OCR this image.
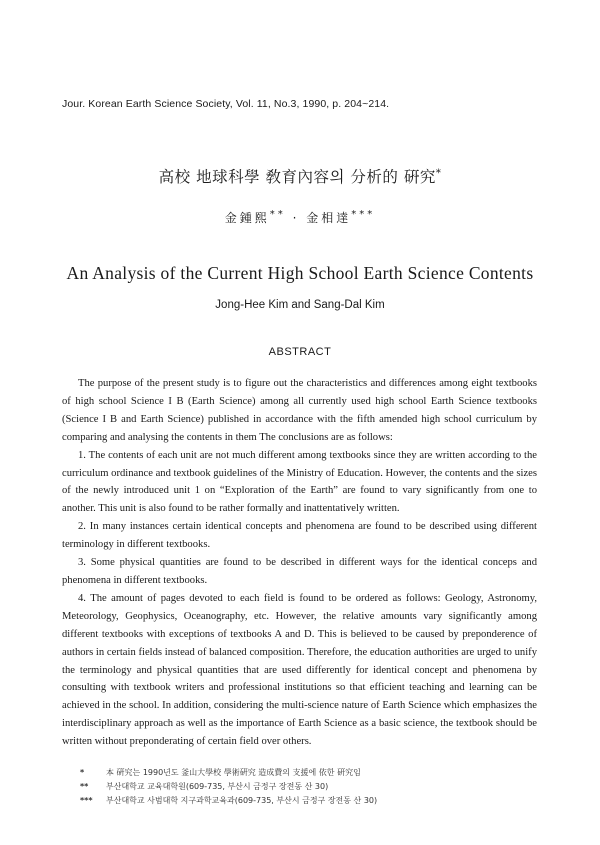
Jour. Korean Earth Science Society, Vol. 11, No.3, 1990, p. 204~214.
高校 地球科學 敎育內容의 分析的 硏究*
金鍾熙** · 金相達***
An Analysis of the Current High School Earth Science Contents
Jong-Hee Kim and Sang-Dal Kim
ABSTRACT

The purpose of the present study is to figure out the characteristics and differences among eight textbooks of high school Science I B (Earth Science) among all currently used high school Earth Science textbooks (Science I B and Earth Science) published in accordance with the fifth amended high school curriculum by comparing and analysing the contents in them The conclusions are as follows:

1. The contents of each unit are not much different among textbooks since they are written according to the curriculum ordinance and textbook guidelines of the Ministry of Education. However, the contents and the sizes of the newly introduced unit 1 on “Exploration of the Earth” are found to vary significantly from one to another. This unit is also found to be rather formally and inattentatively written.

2. In many instances certain identical concepts and phenomena are found to be described using different terminology in different textbooks.

3. Some physical quantities are found to be described in different ways for the identical conceps and phenomena in different textbooks.

4. The amount of pages devoted to each field is found to be ordered as follows: Geology, Astronomy, Meteorology, Geophysics, Oceanography, etc. However, the relative amounts vary significantly among different textbooks with exceptions of textbooks A and D. This is believed to be caused by preponderence of authors in certain fields instead of balanced composition. Therefore, the education authorities are urged to unify the terminology and physical quantities that are used differently for identical concept and phenomena by consulting with textbook writers and professional institutions so that efficient teaching and learning can be achieved in the school. In addition, considering the multi-science nature of Earth Science which emphasizes the interdisciplinary approach as well as the importance of Earth Science as a basic science, the textbook should be written without preponderating of certain field over others.

*	本 硏究는 1990년도 釜山大學校 學術硏究 造成費의 支援에 依한 硏究임
**	부산대학교 교육대학원(609-735, 부산시 금정구 장전동 산 30)
***	부산대학교 사범대학 지구과학교육과(609-735, 부산시 금정구 장전동 산 30)
